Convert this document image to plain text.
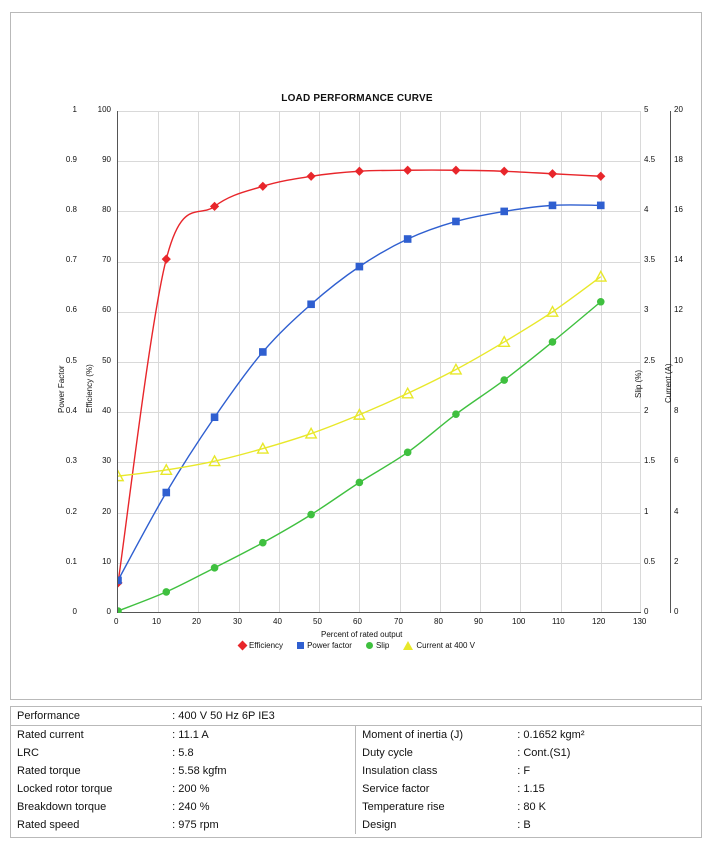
LOAD PERFORMANCE CURVE
0	10	20	30	40	50	60	70	80	90	100	110	120	130
Percent of rated output
0
0.1
0.2
0.3
0.4
0.5
0.6
0.7
0.8
0.9
1
Power Factor
0
10
20
30
40
50
60
70
80
90
100
Efficiency (%)
0
0.5
1
1.5
2
2.5
3
3.5
4
4.5
5
Slip (%)
0
2
4
6
8
10
12
14
16
18
20
Current (A)
Efficiency	Power factor	Slip	Current at 400 V
Performance	: 400 V 50 Hz 6P IE3		
Rated current	: 11.1 A	Moment of inertia (J)	: 0.1652 kgm²
LRC	: 5.8	Duty cycle	: Cont.(S1)
Rated torque	: 5.58 kgfm	Insulation class	: F
Locked rotor torque	: 200 %	Service factor	: 1.15
Breakdown torque	: 240 %	Temperature rise	: 80 K
Rated speed	: 975 rpm	Design	: B
